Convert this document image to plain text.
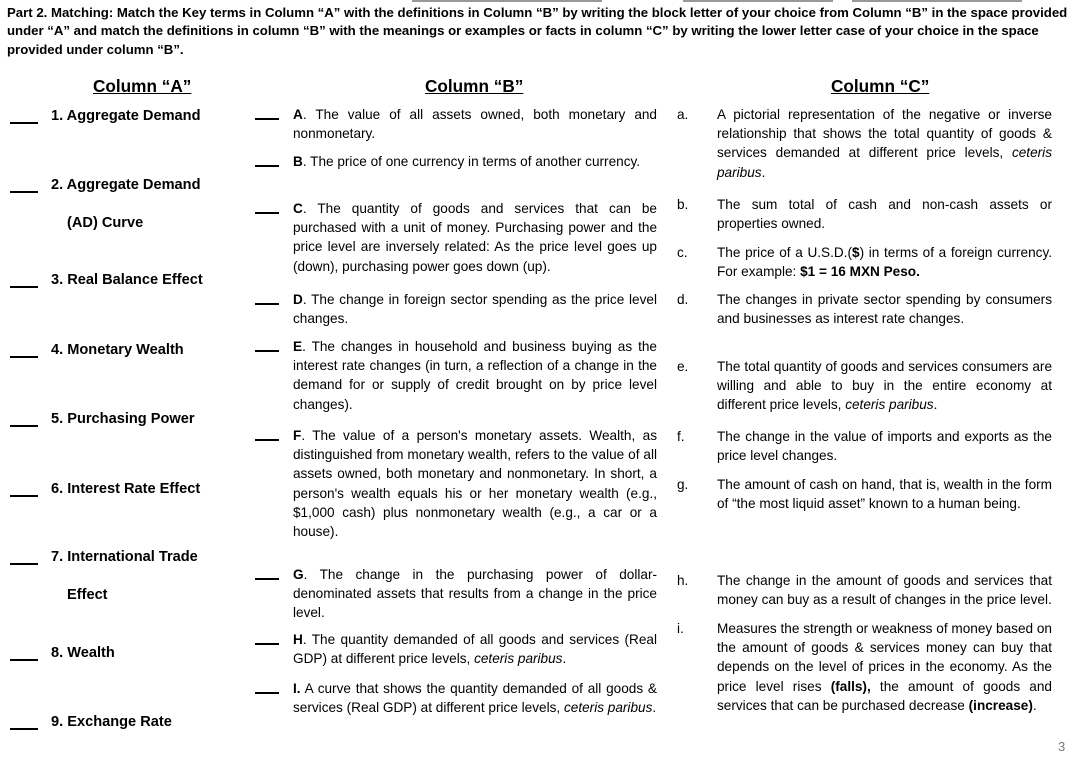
Part 2. Matching: Match the Key terms in Column “A” with the definitions in Column “B” by writing the block letter of your choice from Column “B” in the space provided under “A” and match the definitions in column “B” with the meanings or examples or facts in column “C” by writing the lower letter case of your choice in the space provided under column “B”.
Column “A”	Column “B”	Column “C”
1. Aggregate Demand
2. Aggregate Demand
(AD) Curve
3. Real Balance Effect
4. Monetary Wealth
5. Purchasing Power
6. Interest Rate Effect
7. International Trade
Effect
8. Wealth
9. Exchange Rate
A. The value of all assets owned, both monetary and nonmonetary.
B. The price of one currency in terms of another currency.
C. The quantity of goods and services that can be purchased with a unit of money. Purchasing power and the price level are inversely related: As the price level goes up (down), purchasing power goes down (up).
D. The change in foreign sector spending as the price level changes.
E. The changes in household and business buying as the interest rate changes (in turn, a reflection of a change in the demand for or supply of credit brought on by price level changes).
F. The value of a person's monetary assets. Wealth, as distinguished from monetary wealth, refers to the value of all assets owned, both monetary and nonmonetary. In short, a person's wealth equals his or her monetary wealth (e.g., $1,000 cash) plus nonmonetary wealth (e.g., a car or a house).
G. The change in the purchasing power of dollar-denominated assets that results from a change in the price level.
H. The quantity demanded of all goods and services (Real GDP) at different price levels, ceteris paribus.
I. A curve that shows the quantity demanded of all goods & services (Real GDP) at different price levels, ceteris paribus.
a. A pictorial representation of the negative or inverse relationship that shows the total quantity of goods & services demanded at different price levels, ceteris paribus.
b. The sum total of cash and non-cash assets or properties owned.
c. The price of a U.S.D.($) in terms of a foreign currency. For example: $1 = 16 MXN Peso.
d. The changes in private sector spending by consumers and businesses as interest rate changes.
e. The total quantity of goods and services consumers are willing and able to buy in the entire economy at different price levels, ceteris paribus.
f. The change in the value of imports and exports as the price level changes.
g. The amount of cash on hand, that is, wealth in the form of “the most liquid asset” known to a human being.
h. The change in the amount of goods and services that money can buy as a result of changes in the price level.
i. Measures the strength or weakness of money based on the amount of goods & services money can buy that depends on the level of prices in the economy. As the price level rises (falls), the amount of goods and services that can be purchased decrease (increase).
3
